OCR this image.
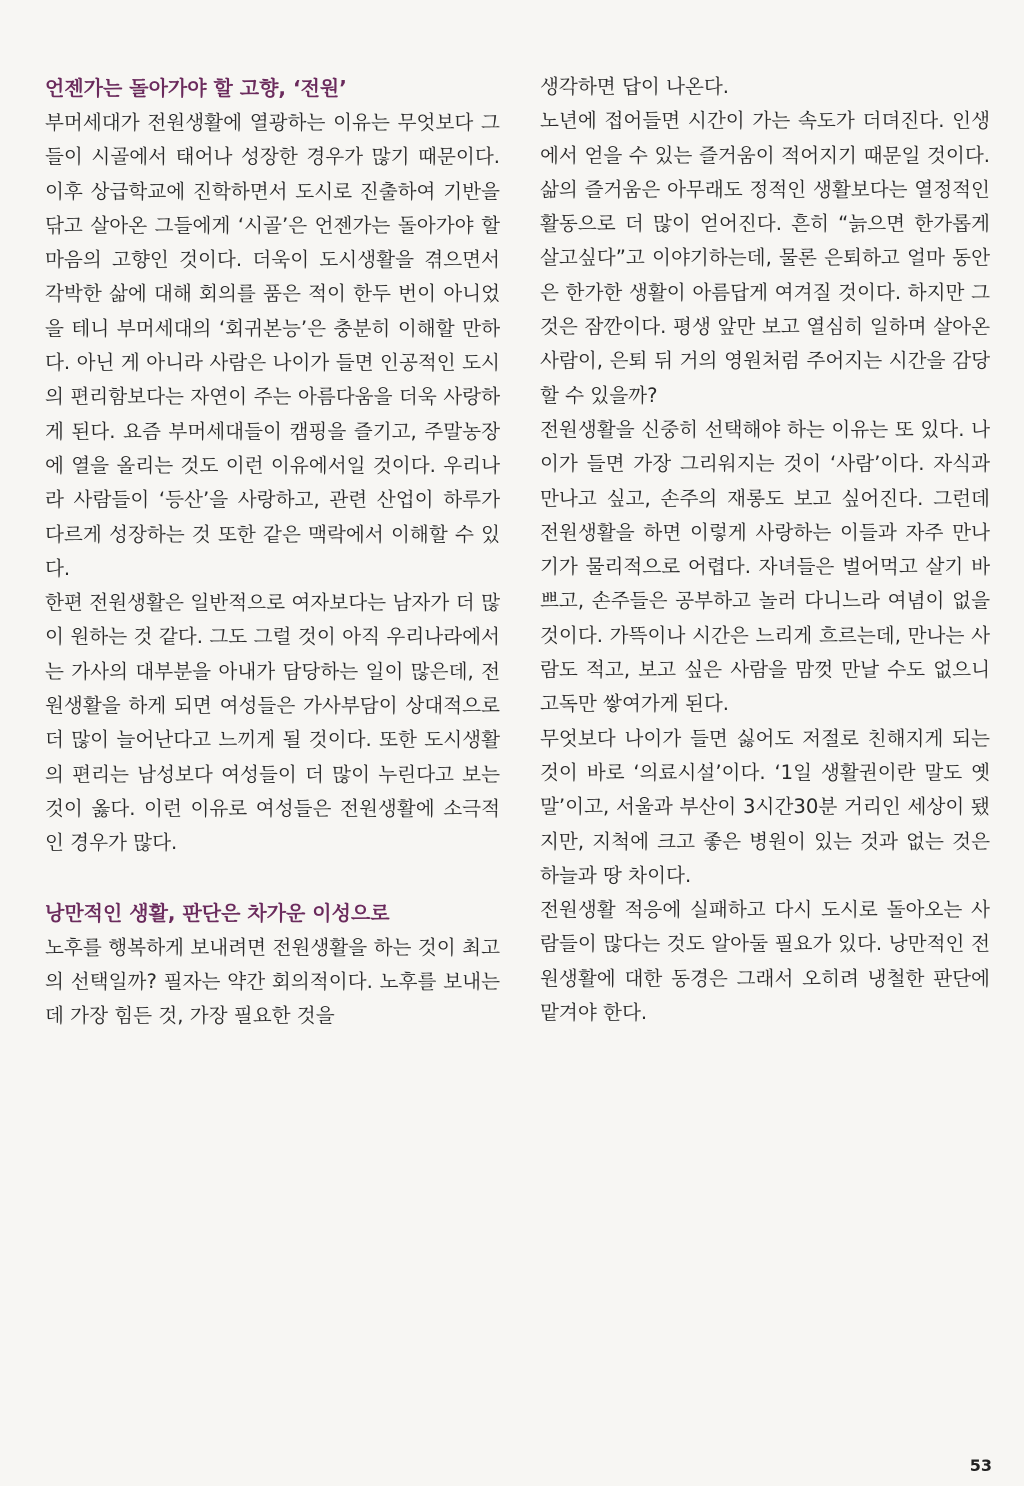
언젠가는 돌아가야 할 고향, ‘전원’

부머세대가 전원생활에 열광하는 이유는 무엇보다 그들이 시골에서 태어나 성장한 경우가 많기 때문이다. 이후 상급학교에 진학하면서 도시로 진출하여 기반을 닦고 살아온 그들에게 ‘시골’은 언젠가는 돌아가야 할 마음의 고향인 것이다. 더욱이 도시생활을 겪으면서 각박한 삶에 대해 회의를 품은 적이 한두 번이 아니었을 테니 부머세대의 ‘회귀본능’은 충분히 이해할 만하다. 아닌 게 아니라 사람은 나이가 들면 인공적인 도시의 편리함보다는 자연이 주는 아름다움을 더욱 사랑하게 된다. 요즘 부머세대들이 캠핑을 즐기고, 주말농장에 열을 올리는 것도 이런 이유에서일 것이다. 우리나라 사람들이 ‘등산’을 사랑하고, 관련 산업이 하루가 다르게 성장하는 것 또한 같은 맥락에서 이해할 수 있다.

한편 전원생활은 일반적으로 여자보다는 남자가 더 많이 원하는 것 같다. 그도 그럴 것이 아직 우리나라에서는 가사의 대부분을 아내가 담당하는 일이 많은데, 전원생활을 하게 되면 여성들은 가사부담이 상대적으로 더 많이 늘어난다고 느끼게 될 것이다. 또한 도시생활의 편리는 남성보다 여성들이 더 많이 누린다고 보는 것이 옳다. 이런 이유로 여성들은 전원생활에 소극적인 경우가 많다.

낭만적인 생활, 판단은 차가운 이성으로

노후를 행복하게 보내려면 전원생활을 하는 것이 최고의 선택일까? 필자는 약간 회의적이다. 노후를 보내는데 가장 힘든 것, 가장 필요한 것을

생각하면 답이 나온다.

노년에 접어들면 시간이 가는 속도가 더뎌진다. 인생에서 얻을 수 있는 즐거움이 적어지기 때문일 것이다. 삶의 즐거움은 아무래도 정적인 생활보다는 열정적인 활동으로 더 많이 얻어진다. 흔히 “늙으면 한가롭게 살고싶다”고 이야기하는데, 물론 은퇴하고 얼마 동안은 한가한 생활이 아름답게 여겨질 것이다. 하지만 그것은 잠깐이다. 평생 앞만 보고 열심히 일하며 살아온 사람이, 은퇴 뒤 거의 영원처럼 주어지는 시간을 감당할 수 있을까?

전원생활을 신중히 선택해야 하는 이유는 또 있다. 나이가 들면 가장 그리워지는 것이 ‘사람’이다. 자식과 만나고 싶고, 손주의 재롱도 보고 싶어진다. 그런데 전원생활을 하면 이렇게 사랑하는 이들과 자주 만나기가 물리적으로 어렵다. 자녀들은 벌어먹고 살기 바쁘고, 손주들은 공부하고 놀러 다니느라 여념이 없을 것이다. 가뜩이나 시간은 느리게 흐르는데, 만나는 사람도 적고, 보고 싶은 사람을 맘껏 만날 수도 없으니 고독만 쌓여가게 된다.

무엇보다 나이가 들면 싫어도 저절로 친해지게 되는 것이 바로 ‘의료시설’이다. ‘1일 생활권이란 말도 옛말’이고, 서울과 부산이 3시간30분 거리인 세상이 됐지만, 지척에 크고 좋은 병원이 있는 것과 없는 것은 하늘과 땅 차이다.

전원생활 적응에 실패하고 다시 도시로 돌아오는 사람들이 많다는 것도 알아둘 필요가 있다. 낭만적인 전원생활에 대한 동경은 그래서 오히려 냉철한 판단에 맡겨야 한다.

53
